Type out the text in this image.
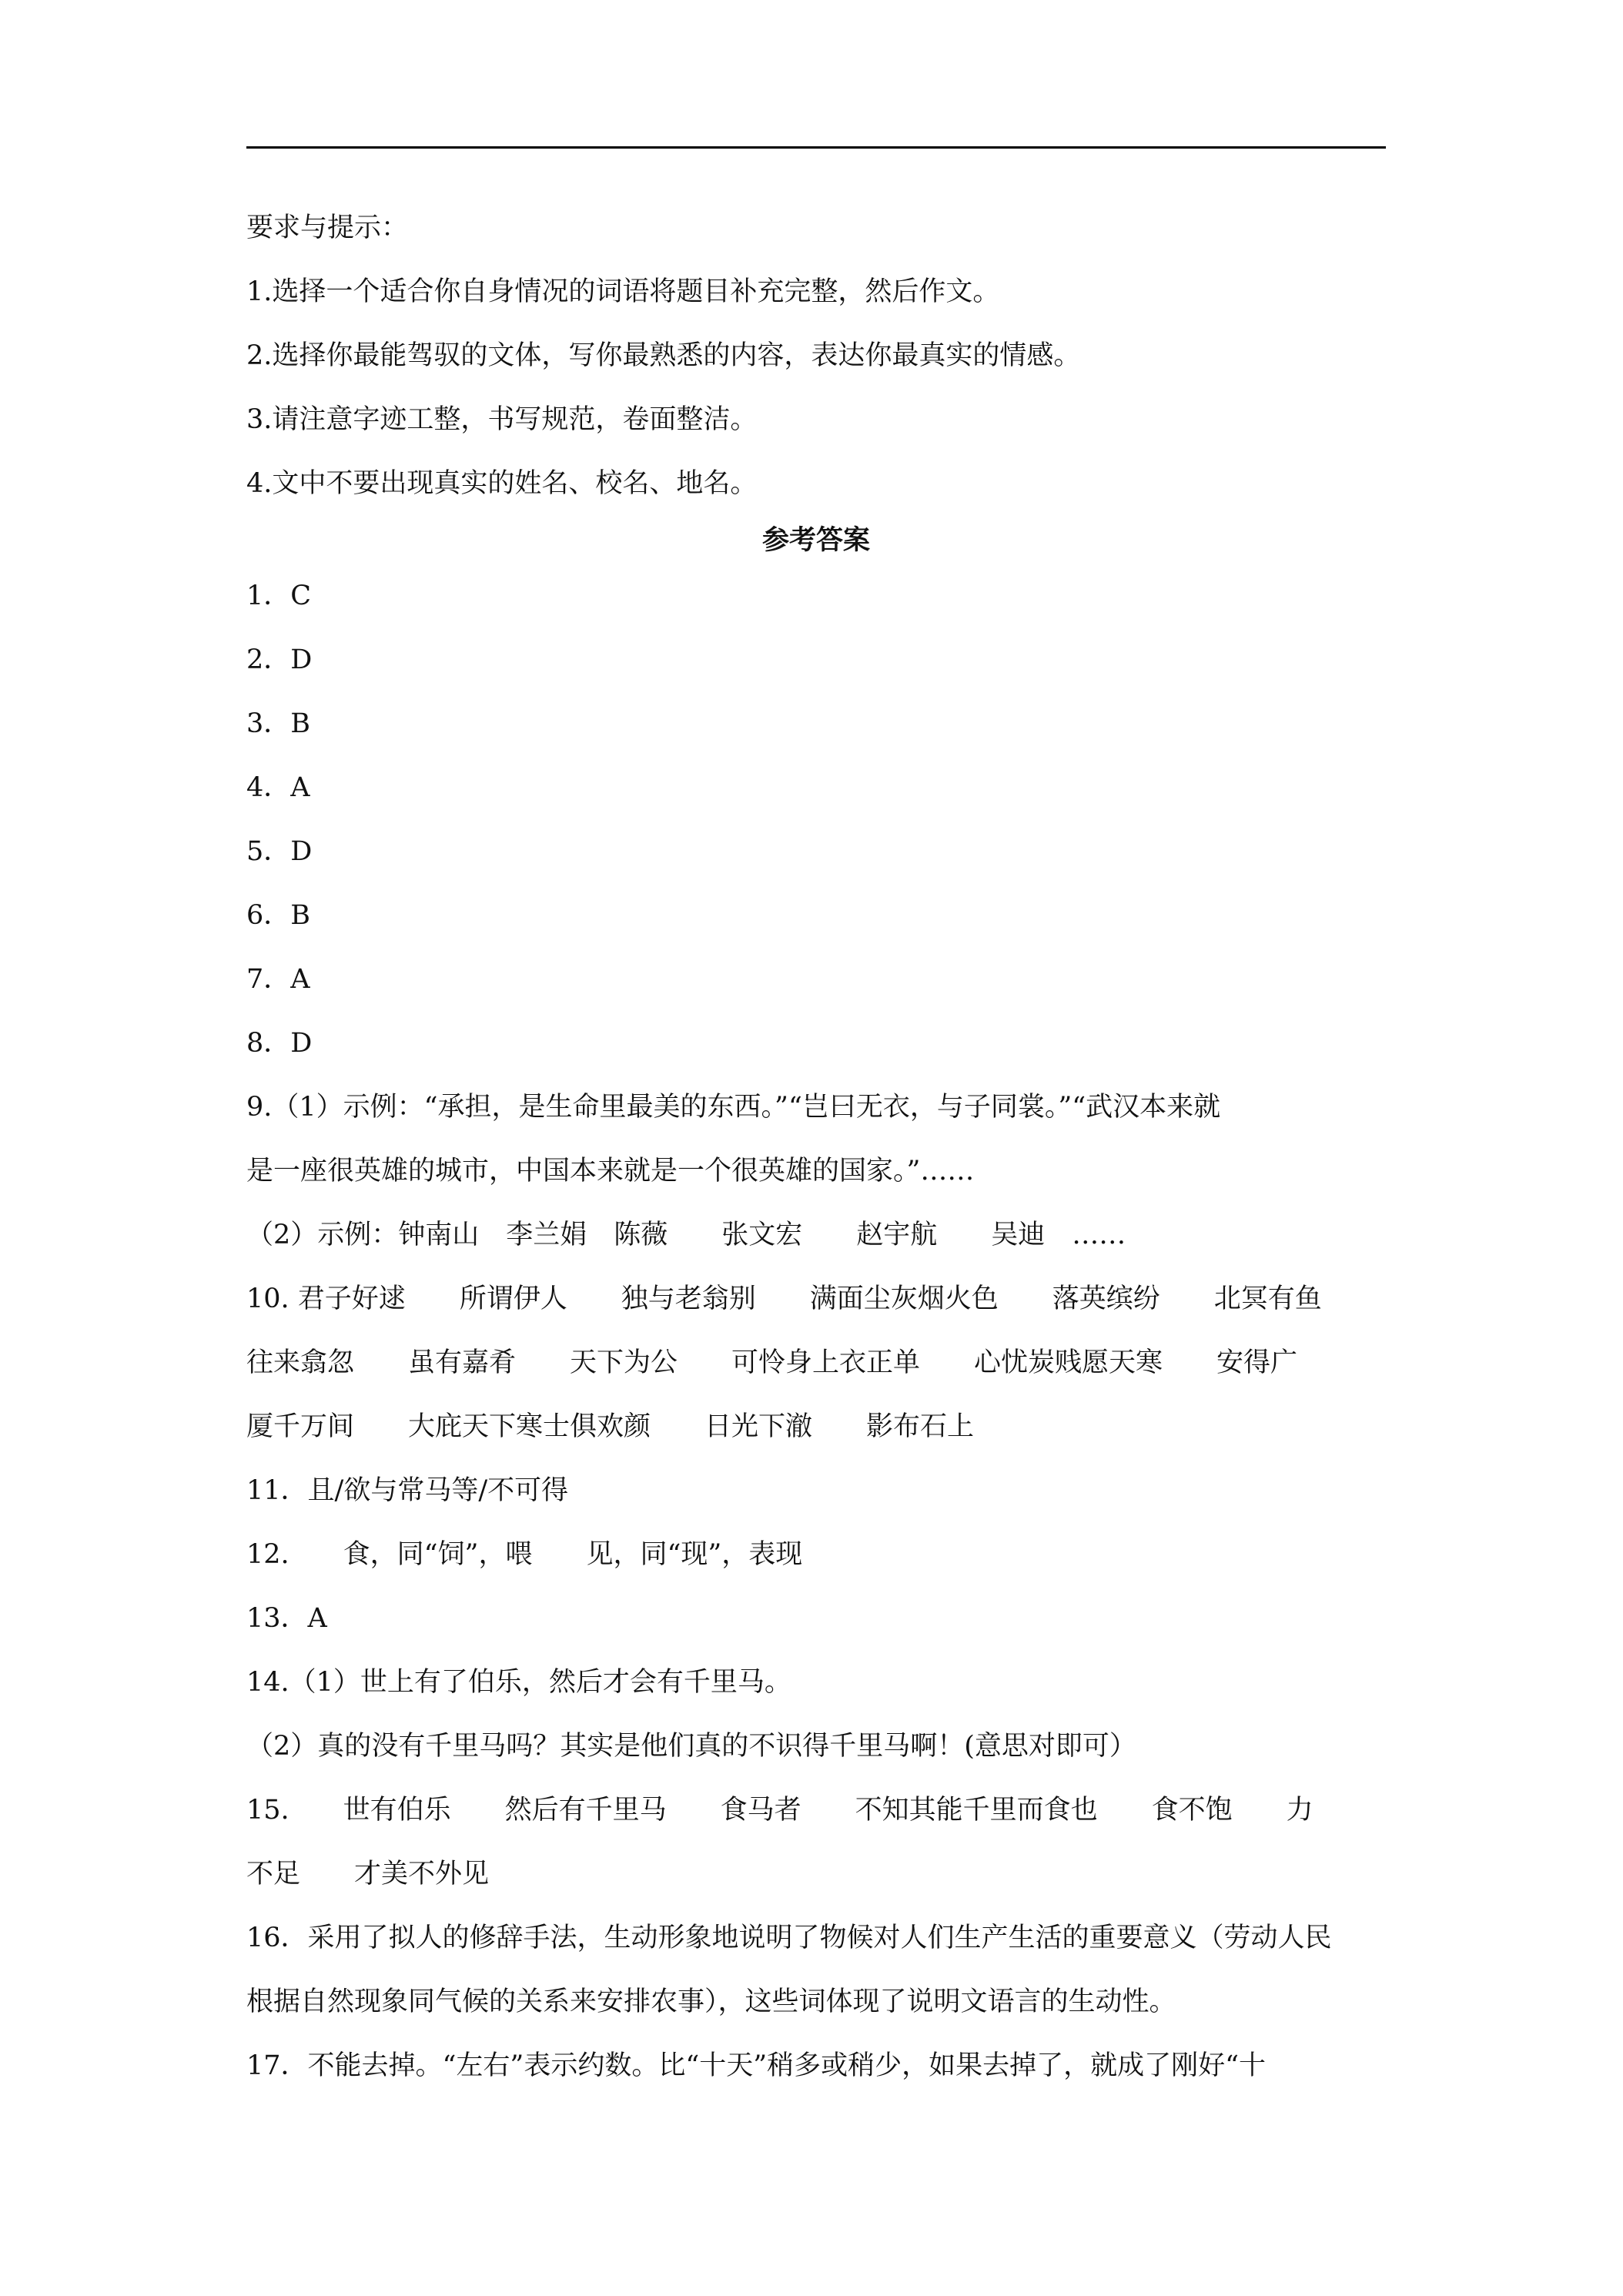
要求与提示：
1.选择一个适合你自身情况的词语将题目补充完整，然后作文。
2.选择你最能驾驭的文体，写你最熟悉的内容，表达你最真实的情感。
3.请注意字迹工整，书写规范，卷面整洁。
4.文中不要出现真实的姓名、校名、地名。
参考答案
1．C
2．D
3．B
4．A
5．D
6．B
7．A
8．D
9.（1）示例：“承担，是生命里最美的东西。”“岂曰无衣，与子同裳。”“武汉本来就
是一座很英雄的城市，中国本来就是一个很英雄的国家。”……
（2）示例：钟南山　李兰娟　陈薇　　张文宏　　赵宇航　　吴迪　……
10. 君子好逑　　所谓伊人　　独与老翁别　　满面尘灰烟火色　　落英缤纷　　北冥有鱼
往来翕忽　　虽有嘉肴　　天下为公　　可怜身上衣正单　　心忧炭贱愿天寒　　安得广
厦千万间　　大庇天下寒士俱欢颜　　日光下澈　　影布石上
11．且/欲与常马等/不可得
12.　　食，同“饲”，喂　　见，同“现”，表现
13．A
14.（1）世上有了伯乐，然后才会有千里马。
（2）真的没有千里马吗？其实是他们真的不识得千里马啊！(意思对即可）
15.　　世有伯乐　　然后有千里马　　食马者　　不知其能千里而食也　　食不饱　　力
不足　　才美不外见
16．采用了拟人的修辞手法，生动形象地说明了物候对人们生产生活的重要意义（劳动人民
根据自然现象同气候的关系来安排农事），这些词体现了说明文语言的生动性。
17．不能去掉。“左右”表示约数。比“十天”稍多或稍少，如果去掉了，就成了刚好“十
